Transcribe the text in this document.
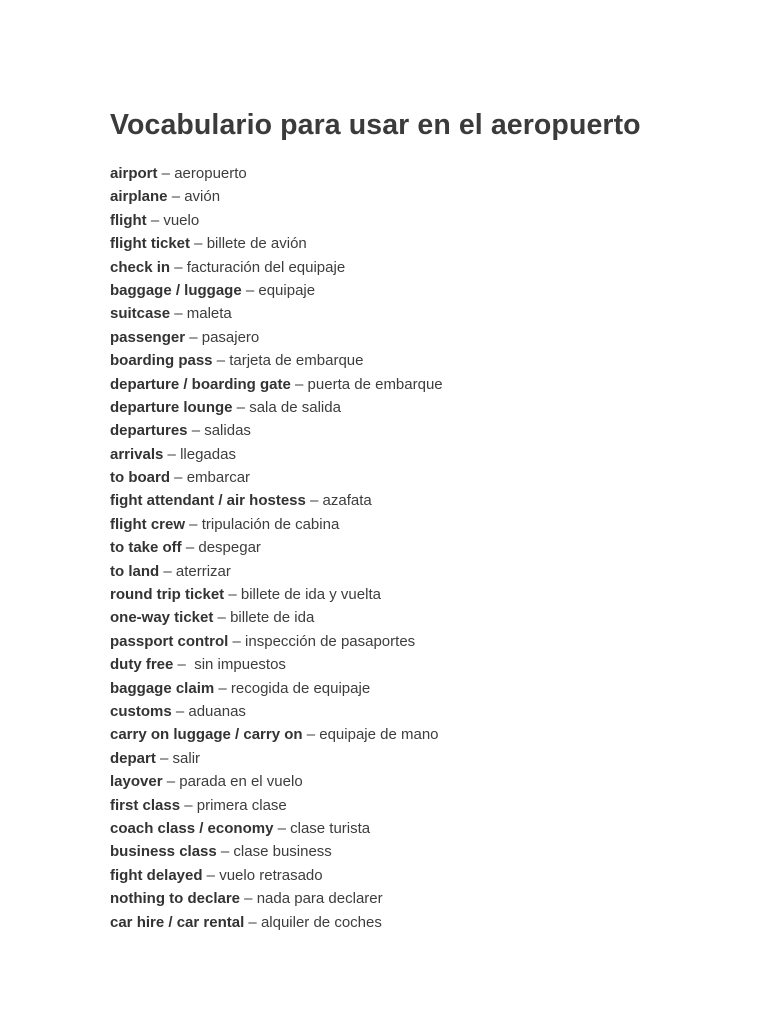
Vocabulario para usar en el aeropuerto
airport – aeropuerto
airplane – avión
flight – vuelo
flight ticket – billete de avión
check in – facturación del equipaje
baggage / luggage – equipaje
suitcase – maleta
passenger – pasajero
boarding pass – tarjeta de embarque
departure / boarding gate – puerta de embarque
departure lounge – sala de salida
departures – salidas
arrivals – llegadas
to board – embarcar
fight attendant / air hostess – azafata
flight crew – tripulación de cabina
to take off – despegar
to land – aterrizar
round trip ticket – billete de ida y vuelta
one-way ticket – billete de ida
passport control – inspección de pasaportes
duty free –  sin impuestos
baggage claim – recogida de equipaje
customs – aduanas
carry on luggage / carry on – equipaje de mano
depart – salir
layover – parada en el vuelo
first class – primera clase
coach class / economy – clase turista
business class – clase business
fight delayed – vuelo retrasado
nothing to declare – nada para declarer
car hire / car rental – alquiler de coches
